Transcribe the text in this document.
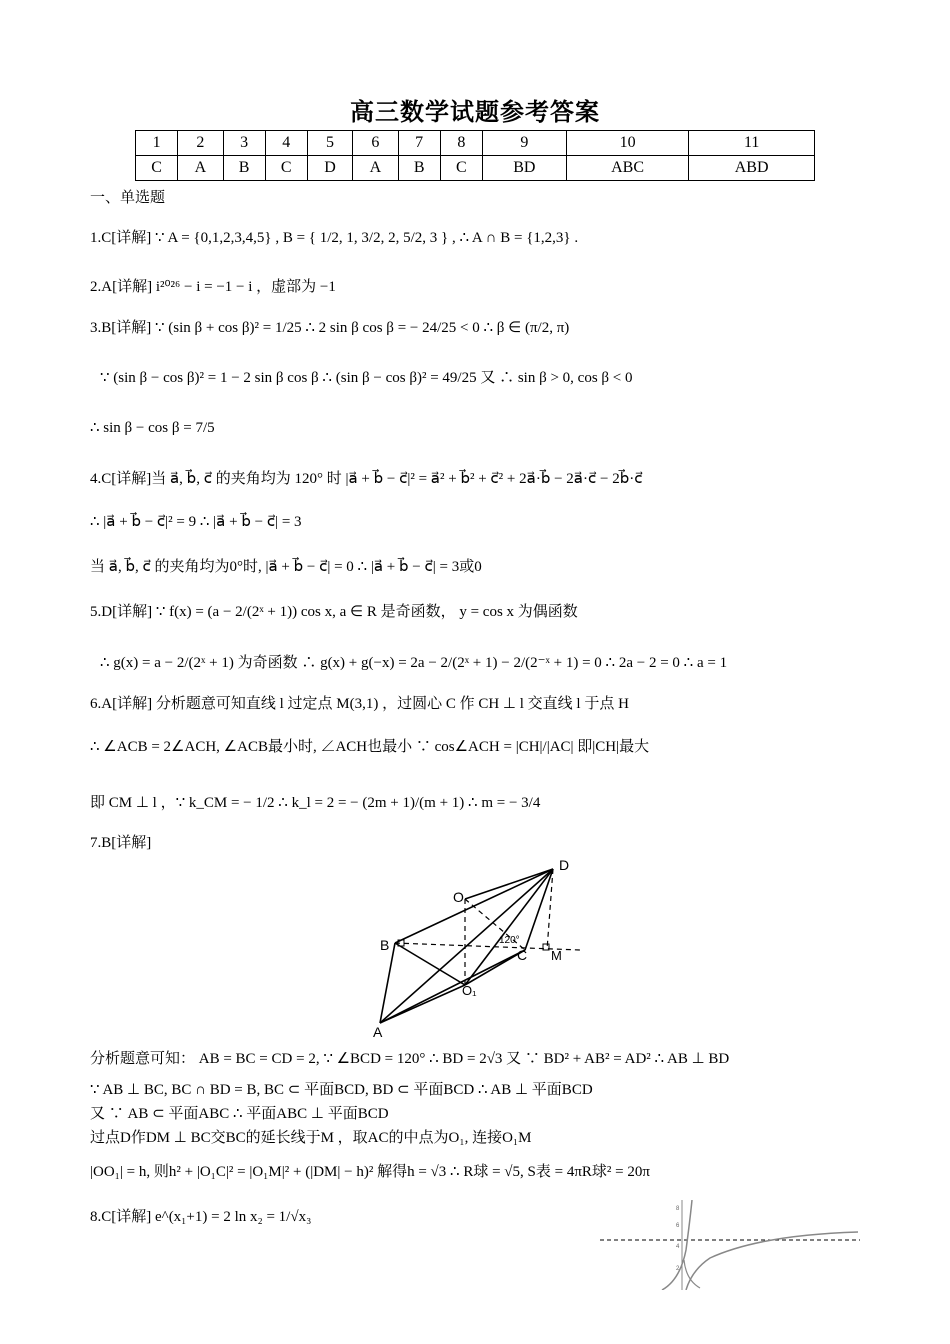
高三数学试题参考答案
1	2	3	4	5	6	7	8	9	10	11
C	A	B	C	D	A	B	C	BD	ABC	ABD
一、单选题
1.C[详解] ∵ A = {0,1,2,3,4,5} , B = { 1/2, 1, 3/2, 2, 5/2, 3 } , ∴ A ∩ B = {1,2,3} .
2.A[详解] i²⁰²⁶ − i = −1 − i ，虚部为 −1
3.B[详解] ∵ (sin β + cos β)² = 1/25 ∴ 2 sin β cos β = − 24/25 < 0 ∴ β ∈ (π/2, π)
∵ (sin β − cos β)² = 1 − 2 sin β cos β ∴ (sin β − cos β)² = 49/25 又 ∴ sin β > 0, cos β < 0
∴ sin β − cos β = 7/5
4.C[详解]当 a⃗, b⃗, c⃗ 的夹角均为 120° 时 |a⃗ + b⃗ − c⃗|² = a⃗² + b⃗² + c⃗² + 2a⃗·b⃗ − 2a⃗·c⃗ − 2b⃗·c⃗
∴ |a⃗ + b⃗ − c⃗|² = 9 ∴ |a⃗ + b⃗ − c⃗| = 3
当 a⃗, b⃗, c⃗ 的夹角均为0°时, |a⃗ + b⃗ − c⃗| = 0 ∴ |a⃗ + b⃗ − c⃗| = 3或0
5.D[详解] ∵ f(x) = (a − 2/(2ˣ + 1)) cos x, a ∈ R 是奇函数， y = cos x 为偶函数
∴ g(x) = a − 2/(2ˣ + 1) 为奇函数 ∴ g(x) + g(−x) = 2a − 2/(2ˣ + 1) − 2/(2⁻ˣ + 1) = 0 ∴ 2a − 2 = 0 ∴ a = 1
6.A[详解] 分析题意可知直线 l 过定点 M(3,1) ，过圆心 C 作 CH ⊥ l 交直线 l 于点 H
∴ ∠ACB = 2∠ACH, ∠ACB最小时, ∠ACH也最小 ∵ cos∠ACH = |CH|/|AC| 即|CH|最大
即 CM ⊥ l ，∵ k_CM = − 1/2 ∴ k_l = 2 = − (2m + 1)/(m + 1) ∴ m = − 3/4
7.B[详解]
D
O
B
C M
O₁
A
120°
分析题意可知： AB = BC = CD = 2, ∵ ∠BCD = 120° ∴ BD = 2√3 又 ∵ BD² + AB² = AD² ∴ AB ⊥ BD
∵ AB ⊥ BC, BC ∩ BD = B, BC ⊂ 平面BCD, BD ⊂ 平面BCD ∴ AB ⊥ 平面BCD
又 ∵ AB ⊂ 平面ABC ∴ 平面ABC ⊥ 平面BCD
过点D作DM ⊥ BC交BC的延长线于M ，取AC的中点为O₁, 连接O₁M
|OO₁| = h, 则h² + |O₁C|² = |O₁M|² + (|DM| − h)² 解得h = √3 ∴ R球 = √5, S表 = 4πR球² = 20π
8.C[详解] e^(x₁+1) = 2 ln x₂ = 1/√x₃	8
6
4
2
